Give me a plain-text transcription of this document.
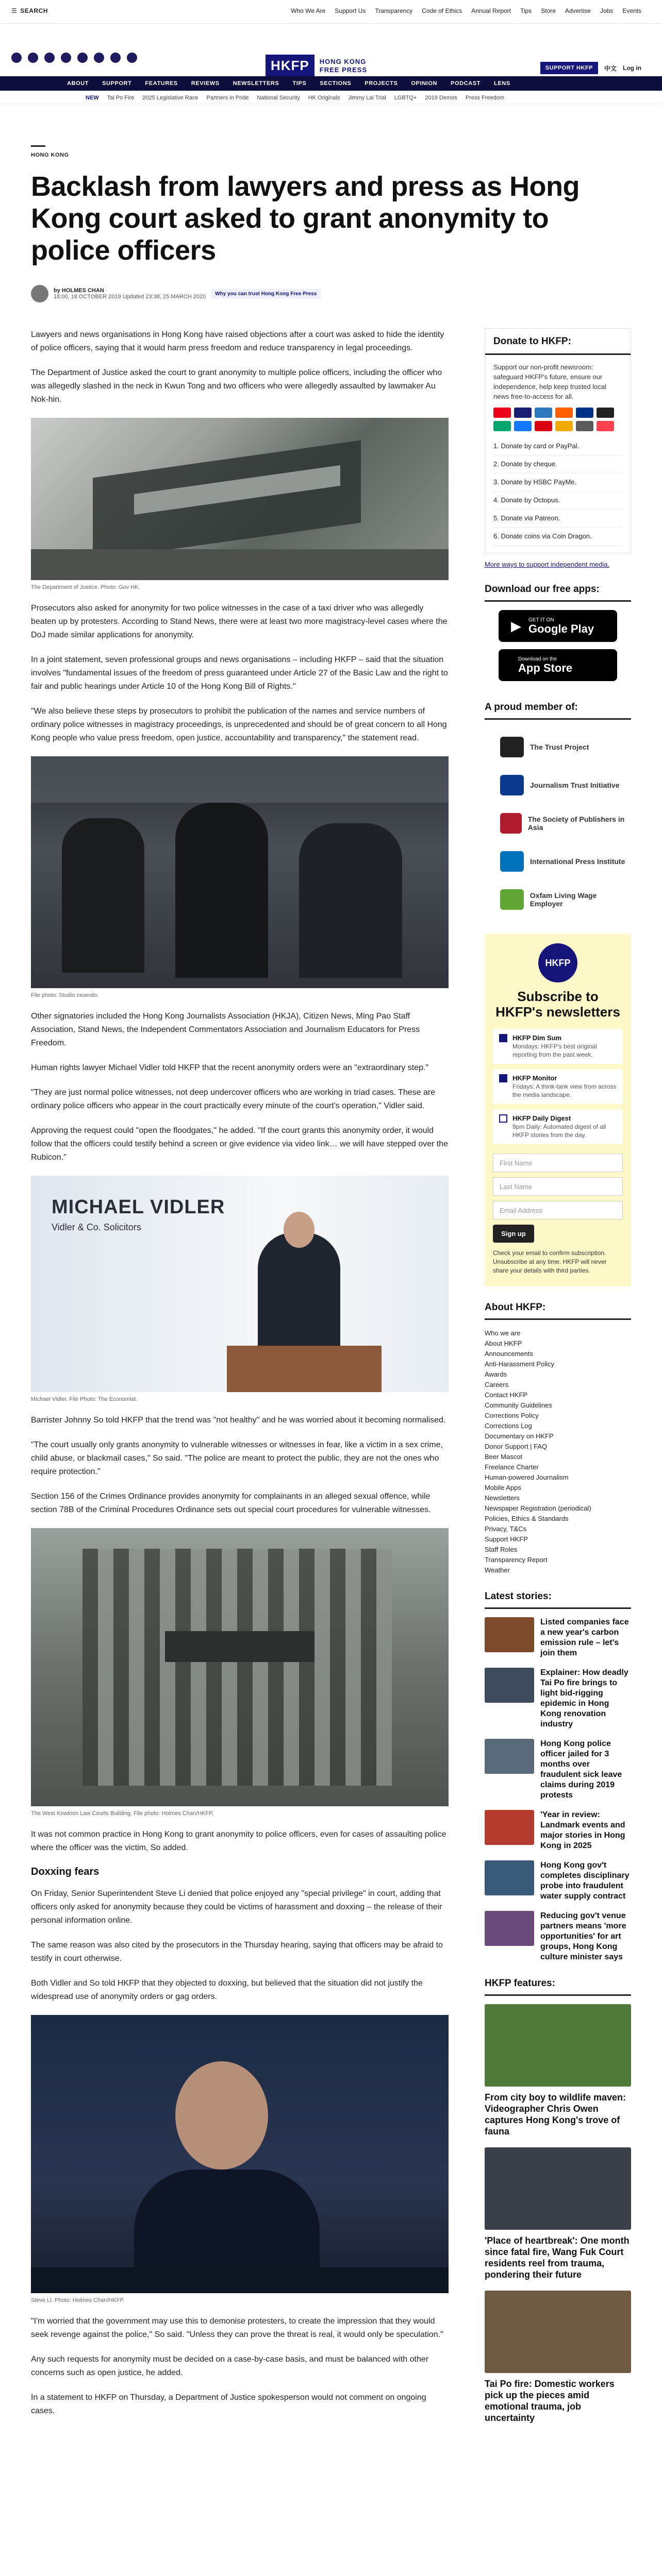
☰ SEARCH	Who We Are Support Us Transparency Code of Ethics Annual Report Tips Store Advertise Jobs Events
HKFP	HONG KONG
FREE PRESS	SUPPORT HKFP	中文 Log in
ABOUT SUPPORT FEATURES REVIEWS NEWSLETTERS TIPS SECTIONS PROJECTS OPINION PODCAST LENS
NEW Tai Po Fire 2025 Legislative Race Partners in Pride National Security HK Originals Jimmy Lai Trial LGBTQ+ 2019 Demos Press Freedom
HONG KONG
Backlash from lawyers and press as Hong Kong court asked to grant anonymity to police officers
by HOLMES CHAN
18:00, 18 OCTOBER 2019 Updated 23:38, 25 MARCH 2020	Why you can trust Hong Kong Free Press

Lawyers and news organisations in Hong Kong have raised objections after a court was asked to hide the identity of police officers, saying that it would harm press freedom and reduce transparency in legal proceedings.

The Department of Justice asked the court to grant anonymity to multiple police officers, including the officer who was allegedly slashed in the neck in Kwun Tong and two officers who were allegedly assaulted by lawmaker Au Nok-hin.

The Department of Justice. Photo: Gov HK.

Prosecutors also asked for anonymity for two police witnesses in the case of a taxi driver who was allegedly beaten up by protesters. According to Stand News, there were at least two more magistracy-level cases where the DoJ made similar applications for anonymity.

In a joint statement, seven professional groups and news organisations – including HKFP – said that the situation involves "fundamental issues of the freedom of press guaranteed under Article 27 of the Basic Law and the right to fair and public hearings under Article 10 of the Hong Kong Bill of Rights."

"We also believe these steps by prosecutors to prohibit the publication of the names and service numbers of ordinary police witnesses in magistracy proceedings, is unprecedented and should be of great concern to all Hong Kong people who value press freedom, open justice, accountability and transparency," the statement read.

File photo: Studio Incendo.

Other signatories included the Hong Kong Journalists Association (HKJA), Citizen News, Ming Pao Staff Association, Stand News, the Independent Commentators Association and Journalism Educators for Press Freedom.

Human rights lawyer Michael Vidler told HKFP that the recent anonymity orders were an "extraordinary step."

"They are just normal police witnesses, not deep undercover officers who are working in triad cases. These are ordinary police officers who appear in the court practically every minute of the court's operation," Vidler said.

Approving the request could "open the floodgates," he added. "If the court grants this anonymity order, it would follow that the officers could testify behind a screen or give evidence via video link… we will have stepped over the Rubicon."

MICHAEL VIDLER
Vidler & Co. Solicitors
Michael Vidler. File Photo: The Economist.

Barrister Johnny So told HKFP that the trend was "not healthy" and he was worried about it becoming normalised.

"The court usually only grants anonymity to vulnerable witnesses or witnesses in fear, like a victim in a sex crime, child abuse, or blackmail cases," So said. "The police are meant to protect the public, they are not the ones who require protection."

Section 156 of the Crimes Ordinance provides anonymity for complainants in an alleged sexual offence, while section 78B of the Criminal Procedures Ordinance sets out special court procedures for vulnerable witnesses.

The West Kowloon Law Courts Building. File photo: Holmes Chan/HKFP.

It was not common practice in Hong Kong to grant anonymity to police officers, even for cases of assaulting police where the officer was the victim, So added.

Doxxing fears

On Friday, Senior Superintendent Steve Li denied that police enjoyed any "special privilege" in court, adding that officers only asked for anonymity because they could be victims of harassment and doxxing – the release of their personal information online.

The same reason was also cited by the prosecutors in the Thursday hearing, saying that officers may be afraid to testify in court otherwise.

Both Vidler and So told HKFP that they objected to doxxing, but believed that the situation did not justify the widespread use of anonymity orders or gag orders.

Steve Li. Photo: Holmes Chan/HKFP.

"I'm worried that the government may use this to demonise protesters, to create the impression that they would seek revenge against the police," So said. "Unless they can prove the threat is real, it would only be speculation."

Any such requests for anonymity must be decided on a case-by-case basis, and must be balanced with other concerns such as open justice, he added.

In a statement to HKFP on Thursday, a Department of Justice spokesperson would not comment on ongoing cases.

Donate to HKFP:
Support our non-profit newsroom: safeguard HKFP's future, ensure our independence, help keep trusted local news free-to-access for all.
1. Donate by card or PayPal.
2. Donate by cheque.
3. Donate by HSBC PayMe.
4. Donate by Octopus.
5. Donate via Patreon.
6. Donate coins via Coin Dragon.
More ways to support independent media.
Download our free apps:
▶ GET IT ON
Google Play
Download on the
App Store
A proud member of:
The Trust Project
Journalism Trust Initiative
The Society of Publishers in Asia
International Press Institute
Oxfam Living Wage Employer
HKFP
Subscribe to HKFP's newsletters
HKFP Dim Sum
Mondays: HKFP's best original reporting from the past week.
HKFP Monitor
Fridays: A think-tank view from across the media landscape.
HKFP Daily Digest
9pm Daily: Automated digest of all HKFP stories from the day.
First Name
Last Name
Email Address
Sign up
Check your email to confirm subscription. Unsubscribe at any time. HKFP will never share your details with third parties.
About HKFP:
Who we are
About HKFP
Announcements
Anti-Harassment Policy
Awards
Careers
Contact HKFP
Community Guidelines
Corrections Policy
Corrections Log
Documentary on HKFP
Donor Support | FAQ
Beer Mascot
Freelance Charter
Human-powered Journalism
Mobile Apps
Newsletters
Newspaper Registration (periodical)
Policies, Ethics & Standards
Privacy, T&Cs
Support HKFP
Staff Roles
Transparency Report
Weather
Latest stories:
Listed companies face a new year's carbon emission rule – let's join them
Explainer: How deadly Tai Po fire brings to light bid-rigging epidemic in Hong Kong renovation industry
Hong Kong police officer jailed for 3 months over fraudulent sick leave claims during 2019 protests
'Year in review: Landmark events and major stories in Hong Kong in 2025
Hong Kong gov't completes disciplinary probe into fraudulent water supply contract
Reducing gov't venue partners means 'more opportunities' for art groups, Hong Kong culture minister says
HKFP features:
From city boy to wildlife maven: Videographer Chris Owen captures Hong Kong's trove of fauna
'Place of heartbreak': One month since fatal fire, Wang Fuk Court residents reel from trauma, pondering their future
Tai Po fire: Domestic workers pick up the pieces amid emotional trauma, job uncertainty
